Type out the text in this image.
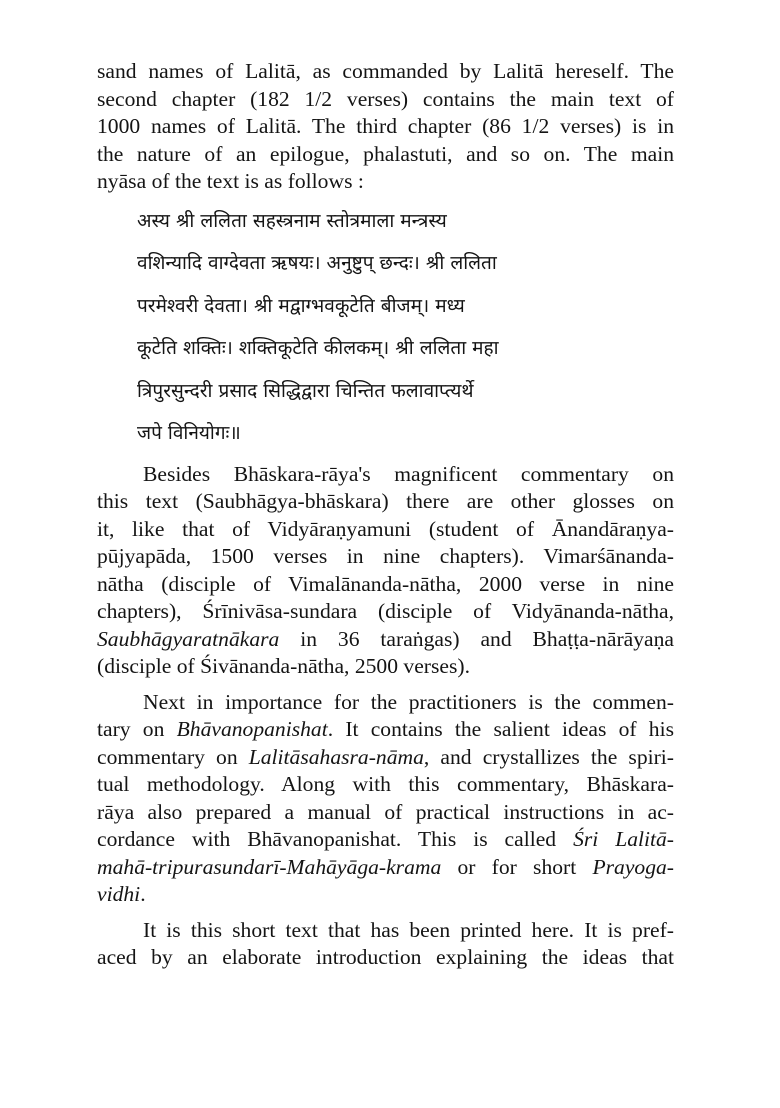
sand names of Lalitā, as commanded by Lalitā hereself. The
second chapter (182 1/2 verses) contains the main text of
1000 names of Lalitā. The third chapter (86 1/2 verses) is in
the nature of an epilogue, phalastuti, and so on. The main
nyāsa of the text is as follows :

अस्य श्री ललिता सहस्त्रनाम स्तोत्रमाला मन्त्रस्य
वशिन्यादि वाग्देवता ऋषयः। अनुष्टुप् छन्दः। श्री ललिता
परमेश्वरी देवता। श्री मद्वाग्भवकूटेति बीजम्। मध्य
कूटेति शक्तिः। शक्तिकूटेति कीलकम्। श्री ललिता महा
त्रिपुरसुन्दरी प्रसाद सिद्धिद्वारा चिन्तित फलावाप्त्यर्थे
जपे विनियोगः॥

Besides Bhāskara-rāya's magnificent commentary on
this text (Saubhāgya-bhāskara) there are other glosses on
it, like that of Vidyāraṇyamuni (student of Ānandāraṇya-
pūjyapāda, 1500 verses in nine chapters). Vimarśānanda-
nātha (disciple of Vimalānanda-nātha, 2000 verse in nine
chapters), Śrīnivāsa-sundara (disciple of Vidyānanda-nātha,
Saubhāgyaratnākara in 36 taraṅgas) and Bhaṭṭa-nārāyaṇa
(disciple of Śivānanda-nātha, 2500 verses).

Next in importance for the practitioners is the commen-
tary on Bhāvanopanishat. It contains the salient ideas of his
commentary on Lalitāsahasra-nāma, and crystallizes the spiri-
tual methodology. Along with this commentary, Bhāskara-
rāya also prepared a manual of practical instructions in ac-
cordance with Bhāvanopanishat. This is called Śri Lalitā-
mahā-tripurasundarī-Mahāyāga-krama or for short Prayoga-
vidhi.

It is this short text that has been printed here. It is pref-
aced by an elaborate introduction explaining the ideas that
